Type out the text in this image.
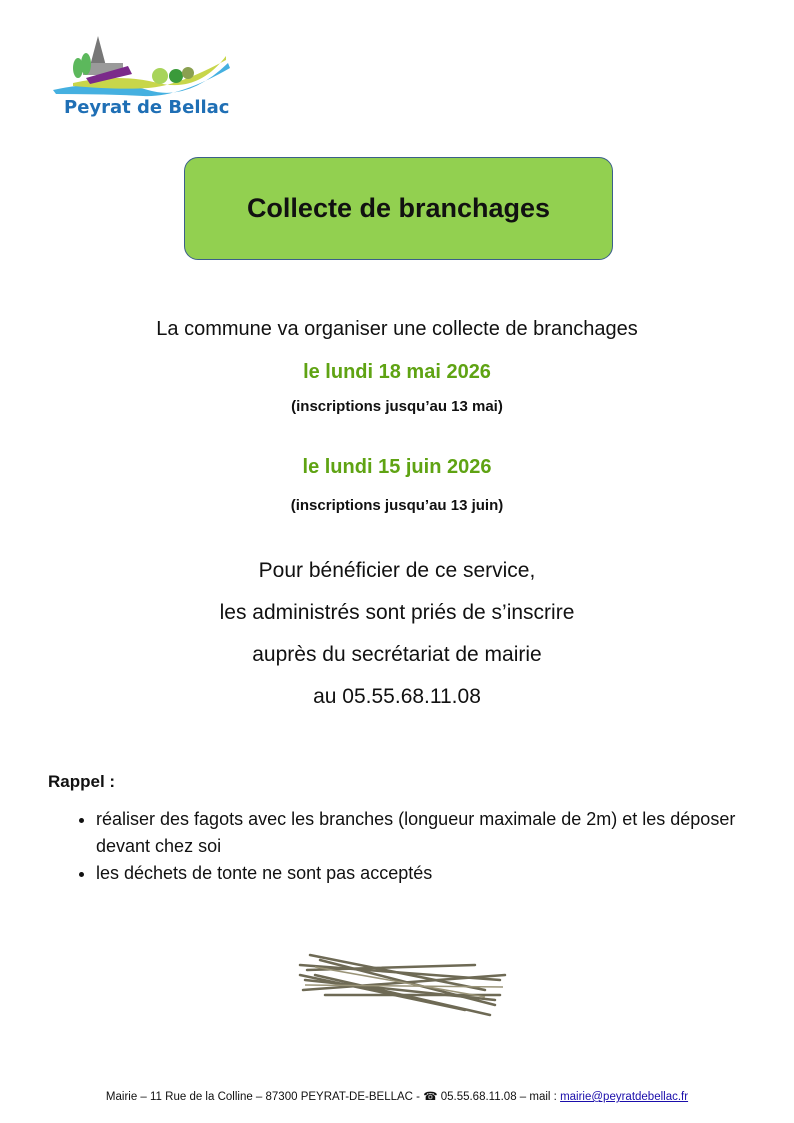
Peyrat de Bellac
Collecte de branchages
La commune va organiser une collecte de branchages
le lundi 18 mai 2026
(inscriptions jusqu’au 13 mai)
le lundi 15 juin 2026
(inscriptions jusqu’au 13 juin)
Pour bénéficier de ce service,
les administrés sont priés de s’inscrire
auprès du secrétariat de mairie
au 05.55.68.11.08
Rappel :
• réaliser des fagots avec les branches (longueur maximale de 2m) et les déposer devant chez soi
• les déchets de tonte ne sont pas acceptés
Mairie – 11 Rue de la Colline – 87300 PEYRAT-DE-BELLAC - ☎ 05.55.68.11.08 – mail : mairie@peyratdebellac.fr
